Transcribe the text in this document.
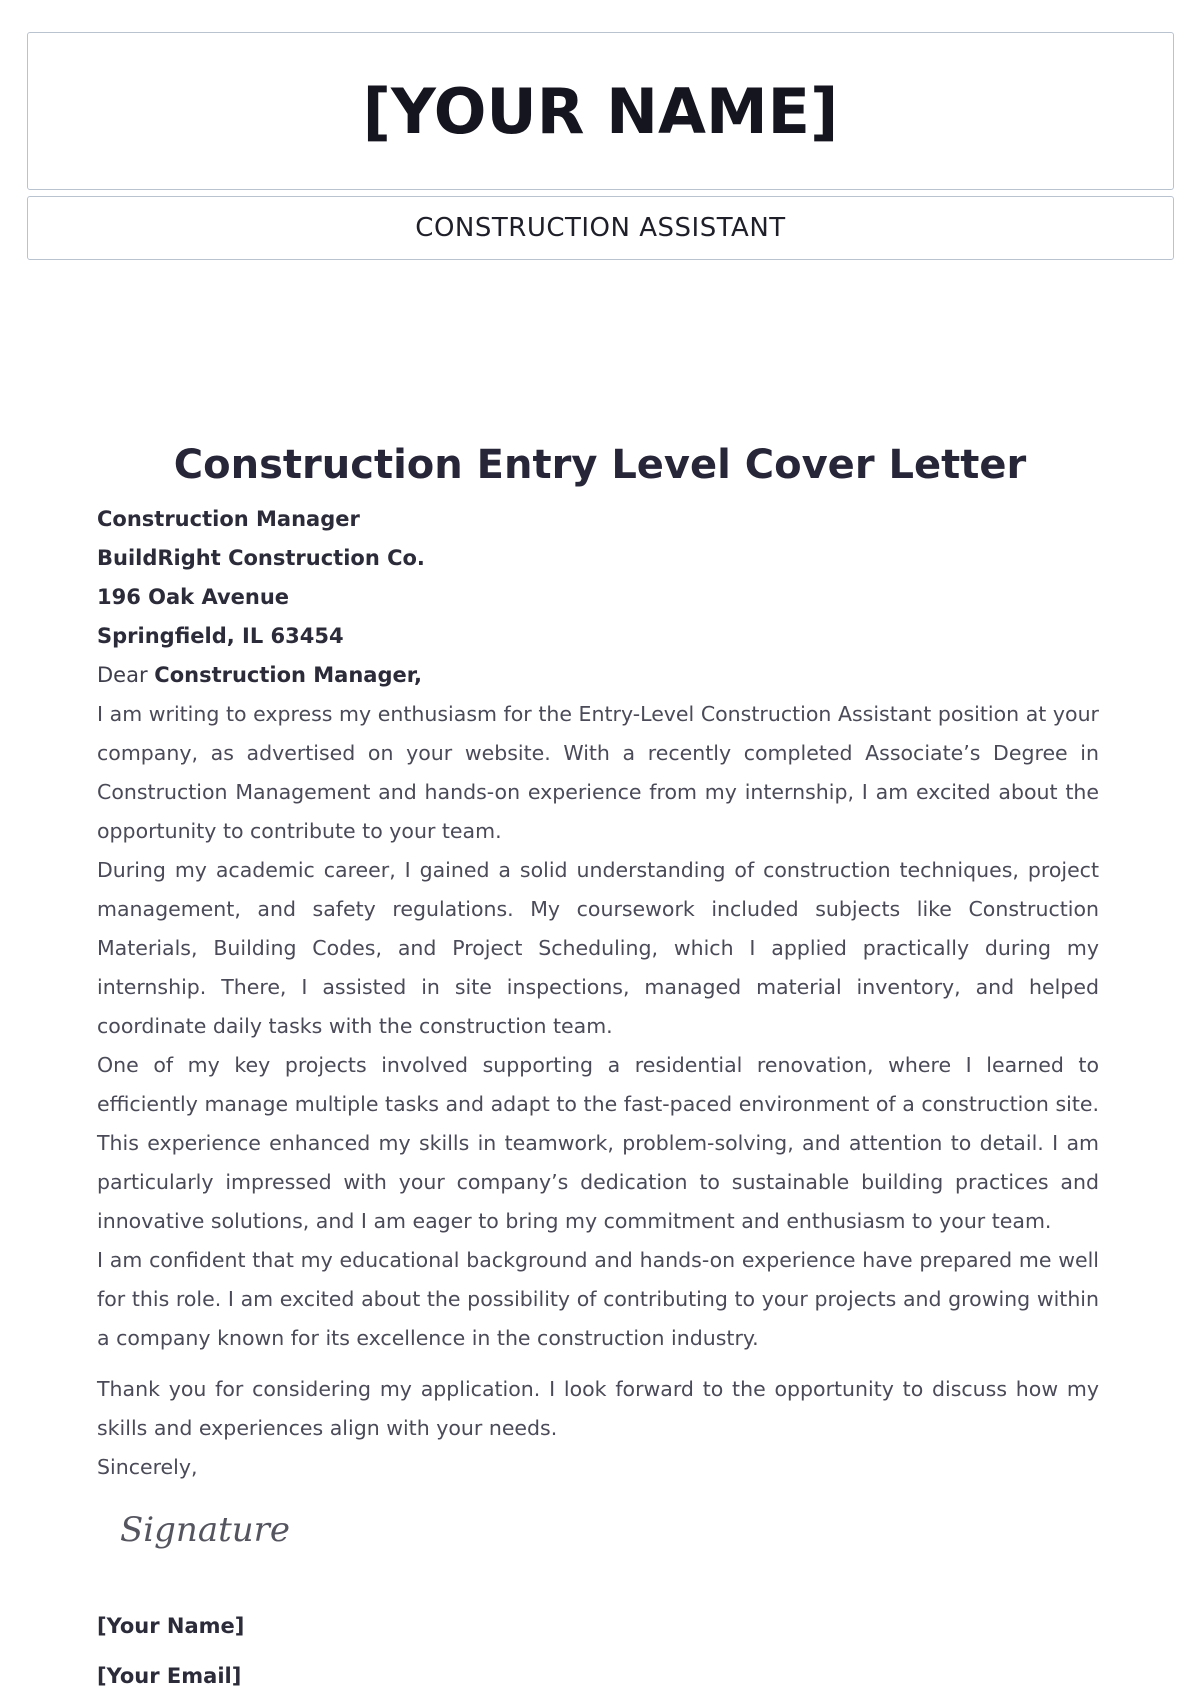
[YOUR NAME]
CONSTRUCTION ASSISTANT
Construction Entry Level Cover Letter
Construction Manager
BuildRight Construction Co.
196 Oak Avenue
Springfield, IL 63454
Dear Construction Manager,

I am writing to express my enthusiasm for the Entry-Level Construction Assistant position at your company, as advertised on your website. With a recently completed Associate’s Degree in Construction Management and hands-on experience from my internship, I am excited about the opportunity to contribute to your team.

During my academic career, I gained a solid understanding of construction techniques, project management, and safety regulations. My coursework included subjects like Construction Materials, Building Codes, and Project Scheduling, which I applied practically during my internship. There, I assisted in site inspections, managed material inventory, and helped coordinate daily tasks with the construction team.

One of my key projects involved supporting a residential renovation, where I learned to efficiently manage multiple tasks and adapt to the fast-paced environment of a construction site. This experience enhanced my skills in teamwork, problem-solving, and attention to detail. I am particularly impressed with your company’s dedication to sustainable building practices and innovative solutions, and I am eager to bring my commitment and enthusiasm to your team.

I am confident that my educational background and hands-on experience have prepared me well for this role. I am excited about the possibility of contributing to your projects and growing within a company known for its excellence in the construction industry.

Thank you for considering my application. I look forward to the opportunity to discuss how my skills and experiences align with your needs.

Sincerely,
Signature
[Your Name]
[Your Email]
